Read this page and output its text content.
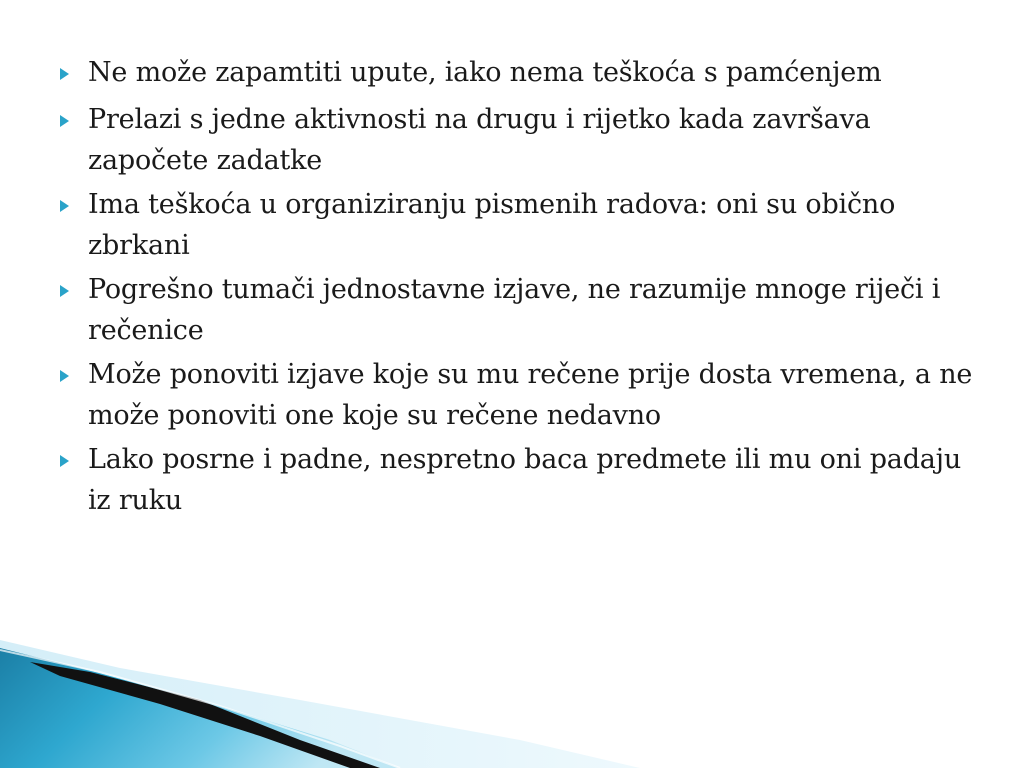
Ne može zapamtiti upute, iako nema teškoća s pamćenjem
Prelazi s jedne aktivnosti na drugu i rijetko kada završava započete zadatke
Ima teškoća u organiziranju pismenih radova: oni su obično zbrkani
Pogrešno tumači jednostavne izjave, ne razumije mnoge riječi i rečenice
Može ponoviti izjave koje su mu rečene prije dosta vremena, a ne može ponoviti one koje su rečene nedavno
Lako posrne i padne, nespretno baca predmete ili mu oni padaju iz ruku
